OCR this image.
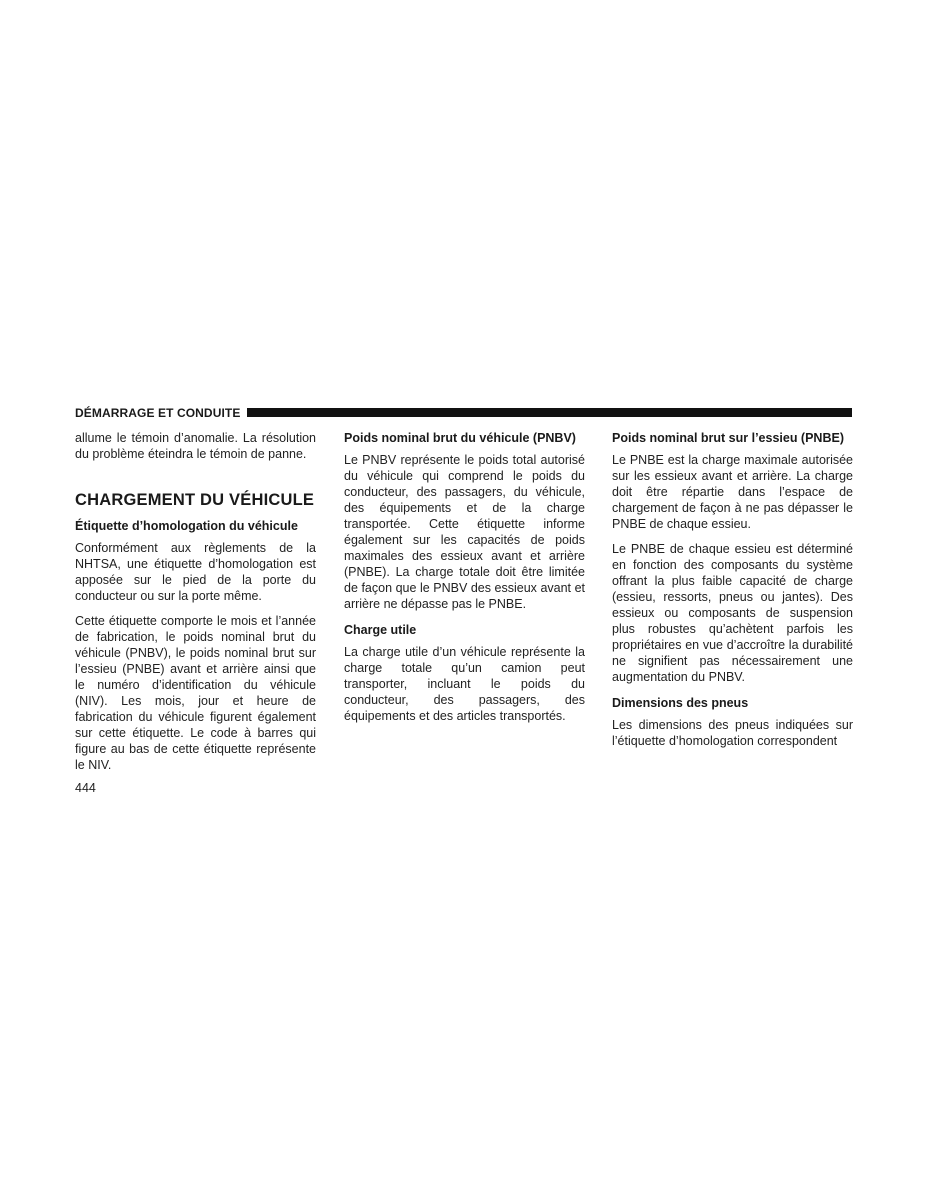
DÉMARRAGE ET CONDUITE

allume le témoin d’anomalie. La résolution du problème éteindra le témoin de panne.

CHARGEMENT DU VÉHICULE
Étiquette d’homologation du véhicule

Conformément aux règlements de la NHTSA, une étiquette d’homologation est apposée sur le pied de la porte du conducteur ou sur la porte même.

Cette étiquette comporte le mois et l’année de fabrication, le poids nominal brut du véhicule (PNBV), le poids nominal brut sur l’essieu (PNBE) avant et arrière ainsi que le numéro d’identification du véhicule (NIV). Les mois, jour et heure de fabrication du véhicule figurent également sur cette étiquette. Le code à barres qui figure au bas de cette étiquette représente le NIV.

Poids nominal brut du véhicule (PNBV)

Le PNBV représente le poids total autorisé du véhicule qui comprend le poids du conducteur, des passagers, du véhicule, des équipements et de la charge transportée. Cette étiquette informe également sur les capacités de poids maximales des essieux avant et arrière (PNBE). La charge totale doit être limitée de façon que le PNBV des essieux avant et arrière ne dépasse pas le PNBE.

Charge utile

La charge utile d’un véhicule représente la charge totale qu’un camion peut transporter, incluant le poids du conducteur, des passagers, des équipements et des articles transportés.

Poids nominal brut sur l’essieu (PNBE)

Le PNBE est la charge maximale autorisée sur les essieux avant et arrière. La charge doit être répartie dans l’espace de chargement de façon à ne pas dépasser le PNBE de chaque essieu.

Le PNBE de chaque essieu est déterminé en fonction des composants du système offrant la plus faible capacité de charge (essieu, ressorts, pneus ou jantes). Des essieux ou composants de suspension plus robustes qu’achètent parfois les propriétaires en vue d’accroître la durabilité ne signifient pas nécessairement une augmentation du PNBV.

Dimensions des pneus

Les dimensions des pneus indiquées sur l’étiquette d’homologation correspondent

444
